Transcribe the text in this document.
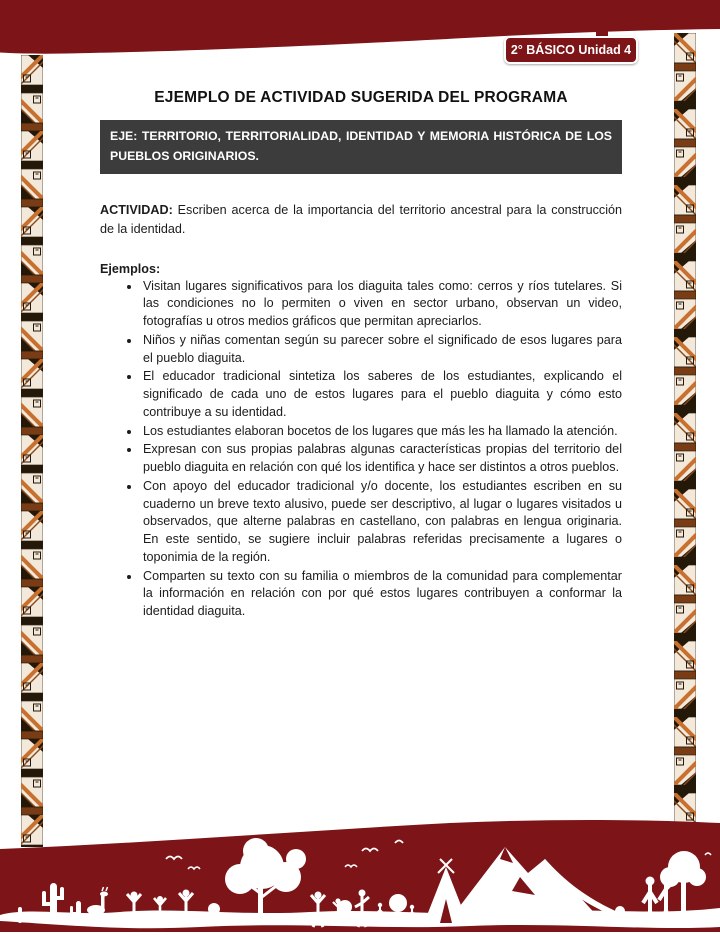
2° BÁSICO Unidad 4
EJEMPLO DE ACTIVIDAD SUGERIDA DEL PROGRAMA
EJE: TERRITORIO, TERRITORIALIDAD, IDENTIDAD Y MEMORIA HISTÓRICA DE LOS PUEBLOS ORIGINARIOS.

ACTIVIDAD: Escriben acerca de la importancia del territorio ancestral para la construcción de la identidad.

Ejemplos:
• Visitan lugares significativos para los diaguita tales como: cerros y ríos tutelares. Si las condiciones no lo permiten o viven en sector urbano, observan un video, fotografías u otros medios gráficos que permitan apreciarlos.
• Niños y niñas comentan según su parecer sobre el significado de esos lugares para el pueblo diaguita.
• El educador tradicional sintetiza los saberes de los estudiantes, explicando el significado de cada uno de estos lugares para el pueblo diaguita y cómo esto contribuye a su identidad.
• Los estudiantes elaboran bocetos de los lugares que más les ha llamado la atención.
• Expresan con sus propias palabras algunas características propias del territorio del pueblo diaguita en relación con qué los identifica y hace ser distintos a otros pueblos.
• Con apoyo del educador tradicional y/o docente, los estudiantes escriben en su cuaderno un breve texto alusivo, puede ser descriptivo, al lugar o lugares visitados u observados, que alterne palabras en castellano, con palabras en lengua originaria. En este sentido, se sugiere incluir palabras referidas precisamente a lugares o toponimia de la región.
• Comparten su texto con su familia o miembros de la comunidad para complementar la información en relación con por qué estos lugares contribuyen a conformar la identidad diaguita.
